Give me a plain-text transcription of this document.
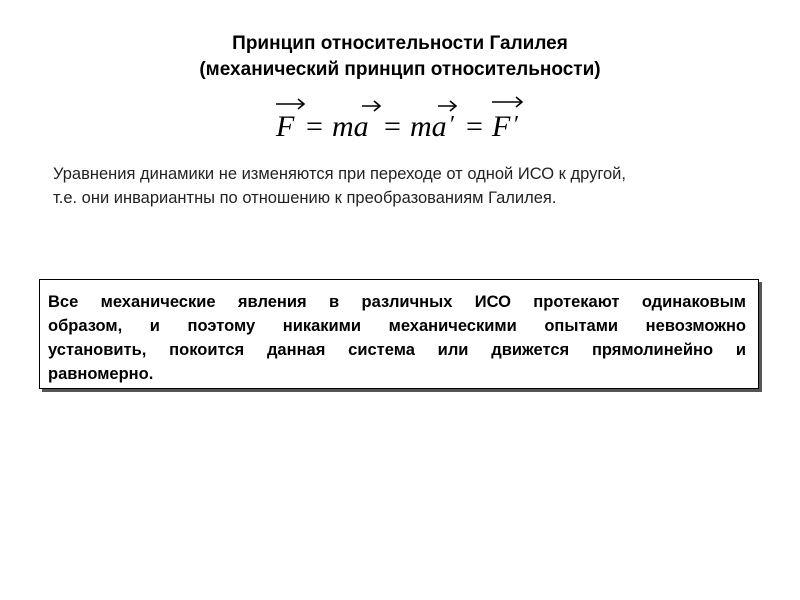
Принцип относительности Галилея
(механический принцип относительности)
F = ma = ma ′ = F ′
Уравнения динамики не изменяются при переходе от одной ИСО к другой,
т.е. они инвариантны по отношению к преобразованиям Галилея.
Все механические явления в различных ИСО протекают одинаковым
образом, и поэтому никакими механическими опытами невозможно
установить, покоится данная система или движется прямолинейно и
равномерно.
